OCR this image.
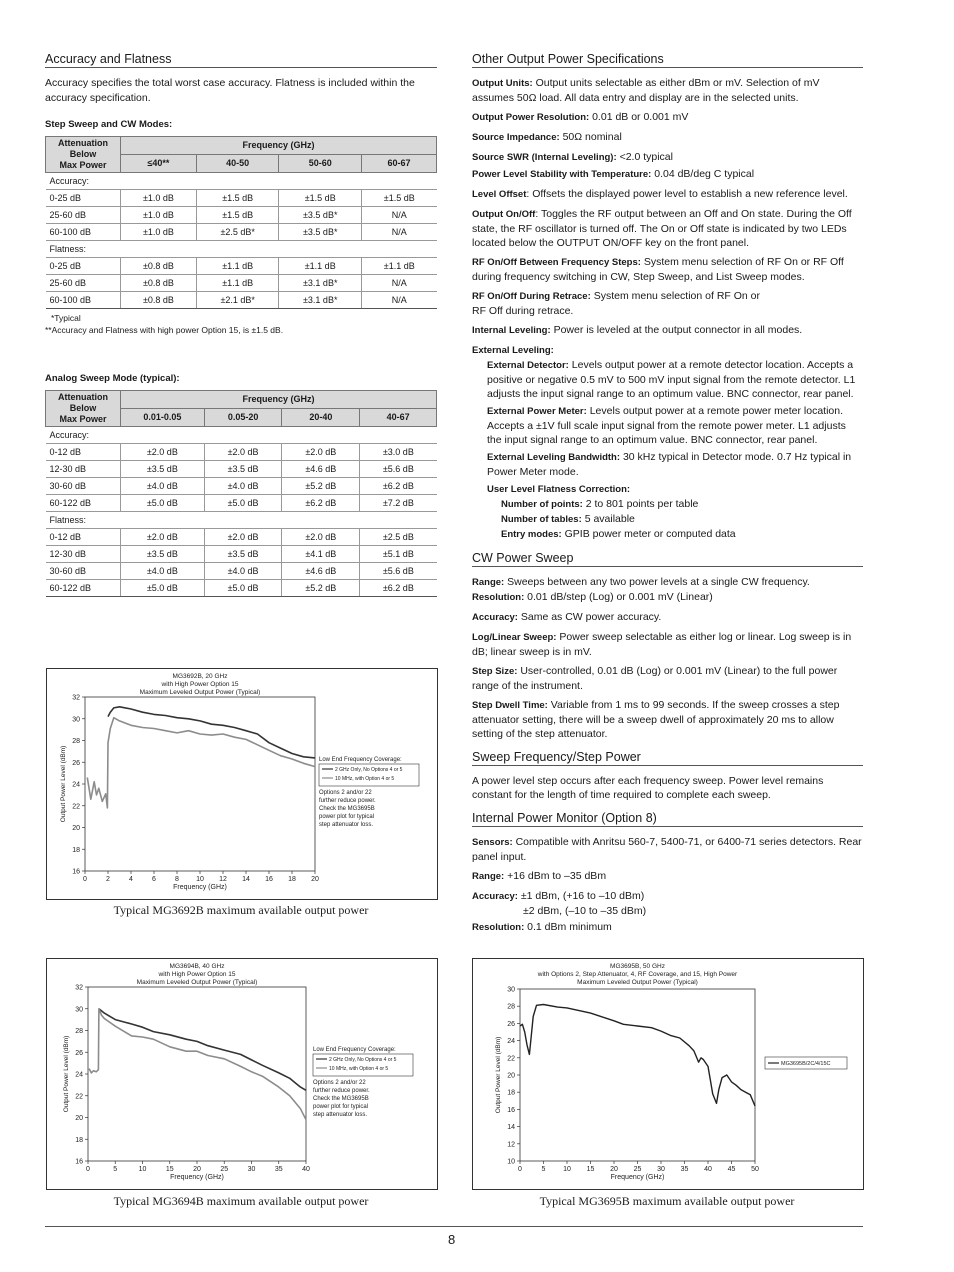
Accuracy and Flatness

Accuracy specifies the total worst case accuracy. Flatness is included within the accuracy specification.

Step Sweep and CW Modes:
Attenuation
Below
Max Power	Frequency (GHz)			
	≤40**	40-50	50-60	60-67
Accuracy:				
0-25 dB	±1.0 dB	±1.5 dB	±1.5 dB	±1.5 dB
25-60 dB	±1.0 dB	±1.5 dB	±3.5 dB*	N/A
60-100 dB	±1.0 dB	±2.5 dB*	±3.5 dB*	N/A
Flatness:				
0-25 dB	±0.8 dB	±1.1 dB	±1.1 dB	±1.1 dB
25-60 dB	±0.8 dB	±1.1 dB	±3.1 dB*	N/A
60-100 dB	±0.8 dB	±2.1 dB*	±3.1 dB*	N/A
*Typical
**Accuracy and Flatness with high power Option 15, is ±1.5 dB.
Analog Sweep Mode (typical):
Attenuation
Below
Max Power	Frequency (GHz)			
	0.01-0.05	0.05-20	20-40	40-67
Accuracy:				
0-12 dB	±2.0 dB	±2.0 dB	±2.0 dB	±3.0 dB
12-30 dB	±3.5 dB	±3.5 dB	±4.6 dB	±5.6 dB
30-60 dB	±4.0 dB	±4.0 dB	±5.2 dB	±6.2 dB
60-122 dB	±5.0 dB	±5.0 dB	±6.2 dB	±7.2 dB
Flatness:				
0-12 dB	±2.0 dB	±2.0 dB	±2.0 dB	±2.5 dB
12-30 dB	±3.5 dB	±3.5 dB	±4.1 dB	±5.1 dB
30-60 dB	±4.0 dB	±4.0 dB	±4.6 dB	±5.6 dB
60-122 dB	±5.0 dB	±5.0 dB	±5.2 dB	±6.2 dB
Other Output Power Specifications
Output Units: Output units selectable as either dBm or mV. Selection of mV assumes 50Ω load. All data entry and display are in the selected units.
Output Power Resolution: 0.01 dB or 0.001 mV
Source Impedance: 50Ω nominal
Source SWR (Internal Leveling): <2.0 typical
Power Level Stability with Temperature: 0.04 dB/deg C typical
Level Offset: Offsets the displayed power level to establish a new reference level.
Output On/Off: Toggles the RF output between an Off and On state. During the Off state, the RF oscillator is turned off. The On or Off state is indicated by two LEDs located below the OUTPUT ON/OFF key on the front panel.
RF On/Off Between Frequency Steps: System menu selection of RF On or RF Off during frequency switching in CW, Step Sweep, and List Sweep modes.
RF On/Off During Retrace: System menu selection of RF On or
RF Off during retrace.
Internal Leveling: Power is leveled at the output connector in all modes.
External Leveling:
External Detector: Levels output power at a remote detector location. Accepts a positive or negative 0.5 mV to 500 mV input signal from the remote detector. L1 adjusts the input signal range to an optimum value. BNC connector, rear panel.
External Power Meter: Levels output power at a remote power meter location. Accepts a ±1V full scale input signal from the remote power meter. L1 adjusts the input signal range to an optimum value. BNC connector, rear panel.
External Leveling Bandwidth: 30 kHz typical in Detector mode. 0.7 Hz typical in Power Meter mode.
User Level Flatness Correction:
Number of points: 2 to 801 points per table
Number of tables: 5 available
Entry modes: GPIB power meter or computed data
CW Power Sweep
Range: Sweeps between any two power levels at a single CW frequency.
Resolution: 0.01 dB/step (Log) or 0.001 mV (Linear)
Accuracy: Same as CW power accuracy.
Log/Linear Sweep: Power sweep selectable as either log or linear. Log sweep is in dB; linear sweep is in mV.
Step Size: User-controlled, 0.01 dB (Log) or 0.001 mV (Linear) to the full power range of the instrument.
Step Dwell Time: Variable from 1 ms to 99 seconds. If the sweep crosses a step attenuator setting, there will be a sweep dwell of approximately 20 ms to allow setting of the step attenuator.
Sweep Frequency/Step Power
A power level step occurs after each frequency sweep. Power level remains constant for the length of time required to complete each sweep.
Internal Power Monitor (Option 8)
Sensors: Compatible with Anritsu 560-7, 5400-71, or 6400-71 series detectors. Rear panel input.
Range: +16 dBm to –35 dBm
Accuracy: ±1 dBm, (+16 to –10 dBm)
±2 dBm, (–10 to –35 dBm)
Resolution: 0.1 dBm minimum
MG3692B, 20 GHz
with High Power Option 15
Maximum Leveled Output Power (Typical)
16
18
20
22
24
26
28
30
32
0	2	4	6	8 10 12 14 16 18 20
Frequency (GHz)
Output Power Level (dBm)	Low End Frequency Coverage:
2 GHz Only, No Options 4 or 5
10 MHz, with Option 4 or 5
Options 2 and/or 22
further reduce power.
Check the MG3695B
power plot for typical
step attenuator loss.
Typical MG3692B maximum available output power
MG3694B, 40 GHz
with High Power Option 15
Maximum Leveled Output Power (Typical)
16
18
20
22
24
26
28
30
32
0	5	10	15	20	25	30	35	40
Frequency (GHz)
Output Power Level (dBm)	Low End Frequency Coverage:
2 GHz Only, No Options 4 or 5
10 MHz, with Option 4 or 5
Options 2 and/or 22
further reduce power.
Check the MG3695B
power plot for typical
step attenuator loss.
Typical MG3694B maximum available output power
MG3695B, 50 GHz
with Options 2, Step Attenuator, 4, RF Coverage, and 15, High Power
Maximum Leveled Output Power (Typical)
10
12
14
16
18
20
22
24
26
28
30
0	5	10 15 20 25 30 35 40 45 50
Frequency (GHz)
Output Power Level (dBm)	MG3695B/2C/4/15C
Typical MG3695B maximum available output power
8
